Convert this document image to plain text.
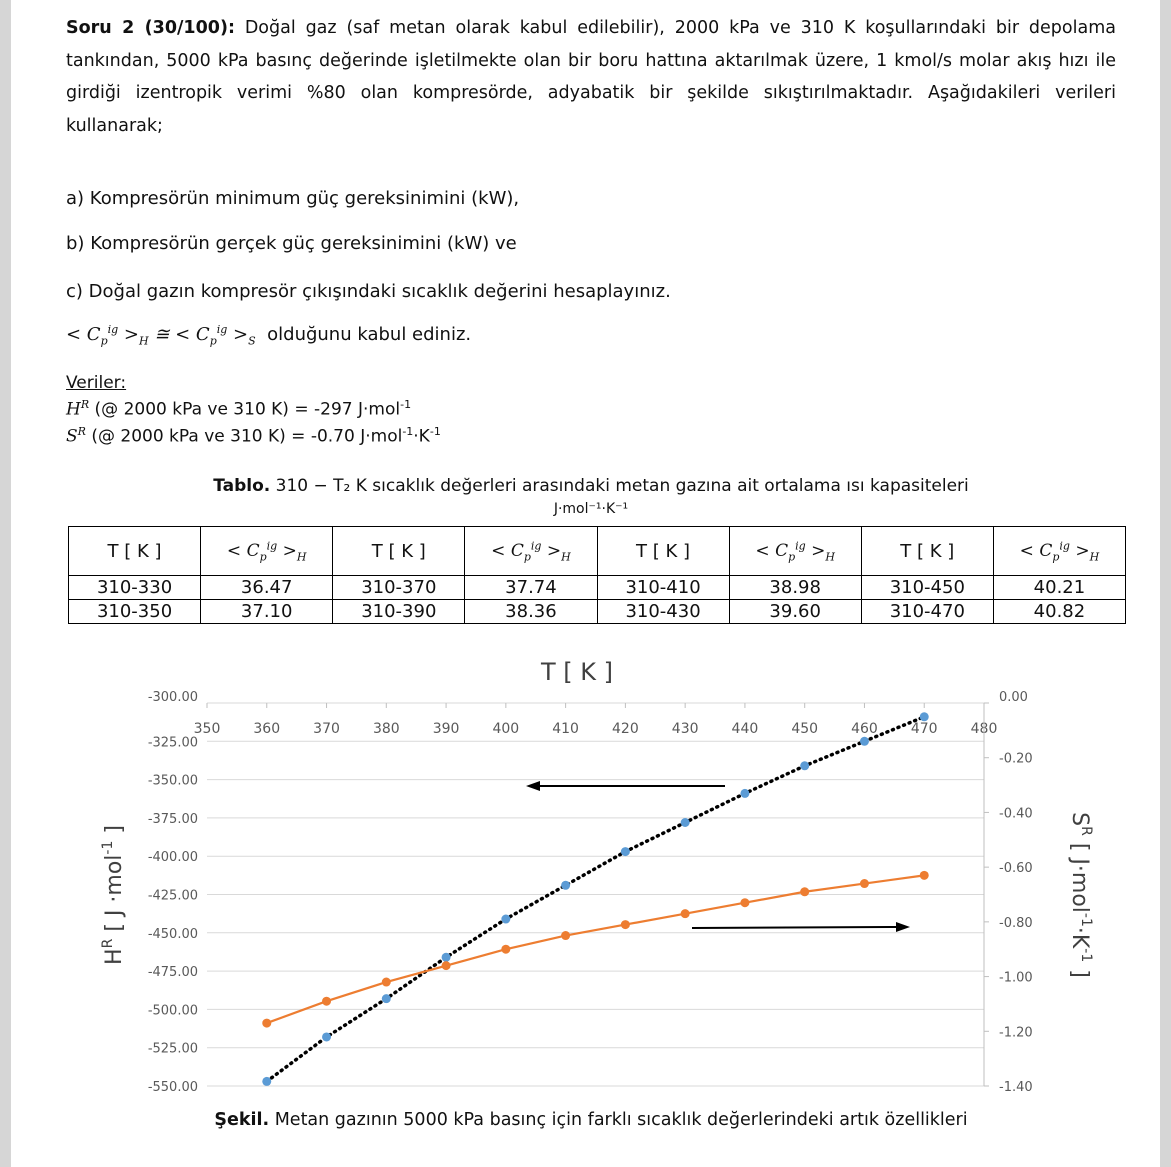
Soru 2 (30/100): Doğal gaz (saf metan olarak kabul edilebilir), 2000 kPa ve 310 K koşullarındaki bir depolama tankından, 5000 kPa basınç değerinde işletilmekte olan bir boru hattına aktarılmak üzere, 1 kmol/s molar akış hızı ile girdiği izentropik verimi %80 olan kompresörde, adyabatik bir şekilde sıkıştırılmaktadır. Aşağıdakileri verileri kullanarak;
a) Kompresörün minimum güç gereksinimini (kW),
b) Kompresörün gerçek güç gereksinimini (kW) ve
c) Doğal gazın kompresör çıkışındaki sıcaklık değerini hesaplayınız.
< $C_p^{ig} >_H$ ≅ < $C_p^{ig} >_S$ olduğunu kabul ediniz.
Veriler:
$H^R$ (@ 2000 kPa ve 310 K) = -297 J·mol$^{-1}$
$S^R$ (@ 2000 kPa ve 310 K) = -0.70 $J\cdot mol^{-1}\cdot K^{-1}$
Tablo. 310 − T₂ K sıcaklık değerleri arasındaki metan gazına ait ortalama ısı kapasiteleri
J·mol⁻¹·K⁻¹
T [ K ]	< $C_p^{ig} >_H$	T [ K ]	< $C_p^{ig} >_H$	T [ K ]	< $C_p^{ig} >_H$	T [ K ]	< $C_p^{ig} >_H$
310-330	36.47	310-370	37.74	310-410	38.98	310-450	40.21
310-350	37.10	310-390	38.36	310-430	39.60	310-470	40.82
T [ K ]
350 360 370 380 390 400 410 420 430 440 450 460 470 480
-300.00
-325.00
-350.00
-375.00
-400.00
-425.00
-450.00
-475.00
-500.00
-525.00
-550.00
0.00
-0.20
-0.40
-0.60
-0.80
-1.00
-1.20
-1.40
$H^R$ [ J ·mol$^{-1}$ ]
$S^R$ [ $J\cdot mol^{-1}\cdot K^{-1}$ ]
Şekil. Metan gazının 5000 kPa basınç için farklı sıcaklık değerlerindeki artık özellikleri
